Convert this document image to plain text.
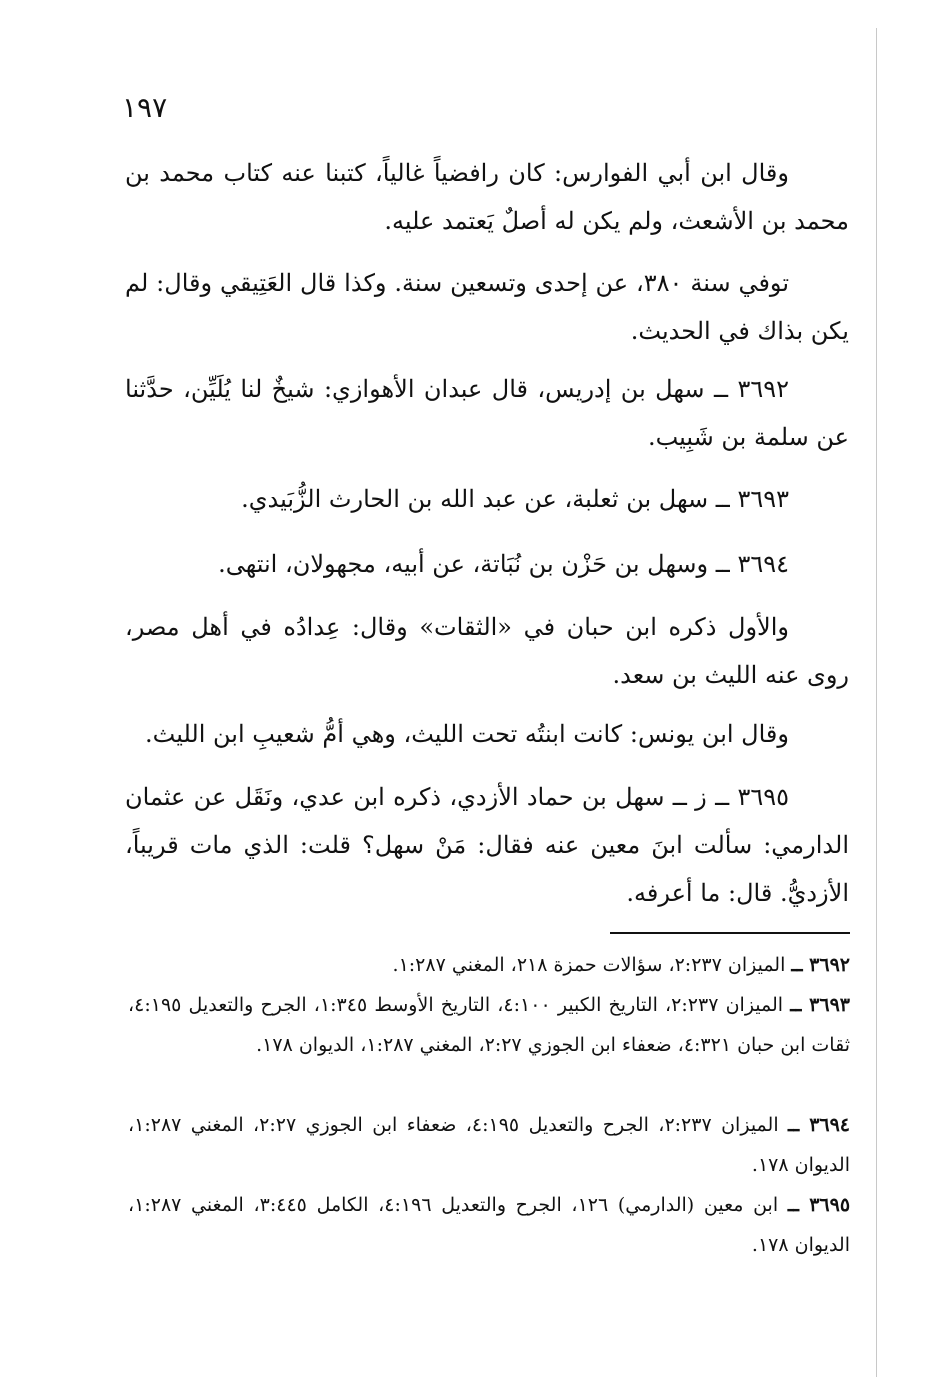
١٩٧

وقال ابن أبي الفوارس: كان رافضياً غالياً، كتبنا عنه كتاب محمد بن محمد بن الأشعث، ولم يكن له أصلٌ يَعتمد عليه.

توفي سنة ٣٨٠، عن إحدى وتسعين سنة. وكذا قال العَتِيقي وقال: لم يكن بذاك في الحديث.

٣٦٩٢ ــ سهل بن إدريس، قال عبدان الأهوازي: شيخٌ لنا يُلَيِّن، حدَّثنا عن سلمة بن شَبِيب.

٣٦٩٣ ــ سهل بن ثعلبة، عن عبد الله بن الحارث الزُّبَيدي.

٣٦٩٤ ــ وسهل بن حَزْن بن نُبَاتة، عن أبيه، مجهولان، انتهى.

والأول ذكره ابن حبان في «الثقات» وقال: عِدادُه في أهل مصر، روى عنه الليث بن سعد.

وقال ابن يونس: كانت ابنتُه تحت الليث، وهي أمُّ شعيبِ ابن الليث.

٣٦٩٥ ــ ز ــ سهل بن حماد الأزدي، ذكره ابن عدي، ونَقَل عن عثمان الدارمي: سألت ابنَ معين عنه فقال: مَنْ سهل؟ قلت: الذي مات قريباً، الأزديُّ. قال: ما أعرفه.

٣٦٩٢ ــ الميزان ٢:٢٣٧، سؤالات حمزة ٢١٨، المغني ١:٢٨٧.

٣٦٩٣ ــ الميزان ٢:٢٣٧، التاريخ الكبير ٤:١٠٠، التاريخ الأوسط ١:٣٤٥، الجرح والتعديل ٤:١٩٥، ثقات ابن حبان ٤:٣٢١، ضعفاء ابن الجوزي ٢:٢٧، المغني ١:٢٨٧، الديوان ١٧٨.

٣٦٩٤ ــ الميزان ٢:٢٣٧، الجرح والتعديل ٤:١٩٥، ضعفاء ابن الجوزي ٢:٢٧، المغني ١:٢٨٧، الديوان ١٧٨.

٣٦٩٥ ــ ابن معين (الدارمي) ١٢٦، الجرح والتعديل ٤:١٩٦، الكامل ٣:٤٤٥، المغني ١:٢٨٧، الديوان ١٧٨.
